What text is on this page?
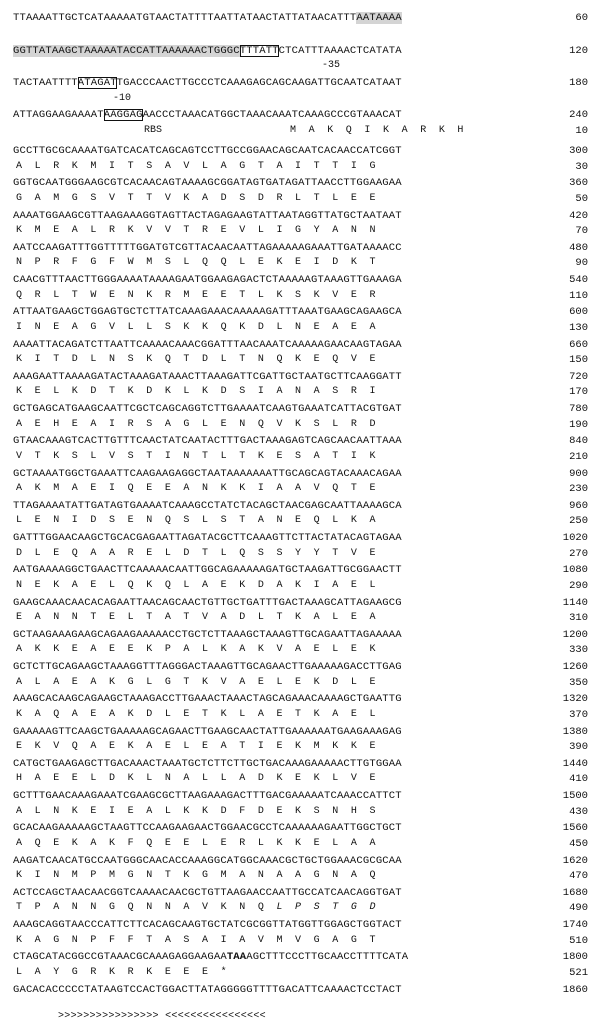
TTAAAATTGCTCATAAAAATGTAACTATTTTAATTATAACTATTATAACATTTAATAAAA	60
GGTTATAAGCTAAAAATACCATTAAAAAACTGGGCTTTATTCTCATTTAAAACTCATATA	120
TACTAATTTTATAGATTGACCCAACTTGCCCTCAAAGAGCAGCAAGATTGCAATCATAAT	180
ATTAGGAAGAAAATAAGGAGAACCCTAAACATGGCTAAACAAATCAAAGCCCGTAAACAT	240
GCCTTGCGCAAAATGATCACATCAGCAGTCCTTGCCGGAACAGCAATCACAACCATCGGT	300
GGTGCAATGGGAAGCGTCACAACAGTAAAAGCGGATAGTGATAGATTAACCTTGGAAGAA	360
AAAATGGAAGCGTTAAGAAAGGTAGTTACTAGAGAAGTATTAATAGGTTATGCTAATAAT	420
AATCCAAGATTTGGTTTTTGGATGTCGTTACAACAATTAGAAAAAGAAATTGATAAAACC	480
CAACGTTTAACTTGGGAAAATAAAAGAATGGAAGAGACTCTAAAAAGTAAAGTTGAAAGA	540
ATTAATGAAGCTGGAGTGCTCTTATCAAAGAAACAAAAAGATTTAAATGAAGCAGAAGCA	600
AAAATTACAGATCTTAATTCAAAACAAACGGATTTAACAAATCAAAAAGAACAAGTAGAA	660
AAAGAATTAAAAGATACTAAAGATAAACTTAAAGATTCGATTGCTAATGCTTCAAGGATT	720
GCTGAGCATGAAGCAATTCGCTCAGCAGGTCTTGAAAATCAAGTGAAATCATTACGTGAT	780
GTAACAAAGTCACTTGTTTCAACTATCAATACTTTGACTAAAGAGTCAGCAACAATTAAA	840
GCTAAAATGGCTGAAATTCAAGAAGAGGCTAATAAAAAAATTGCAGCAGTACAAACAGAA	900
TTAGAAAATATTGATAGTGAAAATCAAAGCCTATCTACAGCTAACGAGCAATTAAAAGCA	960
GATTTGGAACAAGCTGCACGAGAATTAGATACGCTTCAAAGTTCTTACTATACAGTAGAA	1020
AATGAAAAGGCTGAACTTCAAAAACAATTGGCAGAAAAAGATGCTAAGATTGCGGAACTT	1080
GAAGCAAACAACACAGAATTAACAGCAACTGTTGCTGATTTGACTAAAGCATTAGAAGCG	1140
GCTAAGAAAGAAGCAGAAGAAAAACCTGCTCTTAAAGCTAAAGTTGCAGAATTAGAAAAA	1200
GCTCTTGCAGAAGCTAAAGGTTTAGGGACTAAAGTTGCAGAACTTGAAAAAGACCTTGAG	1260
AAAGCACAAGCAGAAGCTAAAGACCTTGAAACTAAACTAGCAGAAACAAAAGCTGAATTG	1320
GAAAAAGTTCAAGCTGAAAAAGCAGAACTTGAAGCAACTATTGAAAAAATGAAGAAAGAG	1380
CATGCTGAAGAGCTTGACAAACTAAATGCTCTTCTTGCTGACAAAGAAAAACTTGTGGAA	1440
GCTTTGAACAAAGAAATCGAAGCGCTTAAGAAAGACTTTGACGAAAAATCAAACCATTCT	1500
GCACAAGAAAAAGCTAAGTTCCAAGAAGAACTGGAACGCCTCAAAAAAGAATTGGCTGCT	1560
AAGATCAACATGCCAATGGGCAACACCAAAGGCATGGCAAACGCTGCTGGAAACGCGCAA	1620
ACTCCAGCTAACAACGGTCAAAACAACGCTGTTAAGAACCAATTGCCATCAACAGGTGAT	1680
AAAGCAGGTAACCCATTCTTCACAGCAAGTGCTATCGCGGTTATGGTTGGAGCTGGTACT	1740
CTAGCATACGGCCGTAAACGCAAAGAGGAAGAATAAAGCTTTCCCTTGCAACCTTTTCATA	1800
GACACACCCCCTATAAGTCCACTGGACTTATAGGGGGTTTTGACATTCAAAACTCCTACT	1860
M  A  K  Q  I  K  A  R  K  H	10
A  L  R  K  M  I  T  S  A  V  L  A  G  T  A  I  T  T  I  G	30
G  A  M  G  S  V  T  T  V  K  A  D  S  D  R  L  T  L  E  E	50
K  M  E  A  L  R  K  V  V  T  R  E  V  L  I  G  Y  A  N  N	70
N  P  R  F  G  F  W  M  S  L  Q  Q  L  E  K  E  I  D  K  T	90
Q  R  L  T  W  E  N  K  R  M  E  E  T  L  K  S  K  V  E  R	110
I  N  E  A  G  V  L  L  S  K  K  Q  K  D  L  N  E  A  E  A	130
K  I  T  D  L  N  S  K  Q  T  D  L  T  N  Q  K  E  Q  V  E	150
K  E  L  K  D  T  K  D  K  L  K  D  S  I  A  N  A  S  R  I	170
A  E  H  E  A  I  R  S  A  G  L  E  N  Q  V  K  S  L  R  D	190
V  T  K  S  L  V  S  T  I  N  T  L  T  K  E  S  A  T  I  K	210
A  K  M  A  E  I  Q  E  E  A  N  K  K  I  A  A  V  Q  T  E	230
L  E  N  I  D  S  E  N  Q  S  L  S  T  A  N  E  Q  L  K  A	250
D  L  E  Q  A  A  R  E  L  D  T  L  Q  S  S  Y  Y  T  V  E	270
N  E  K  A  E  L  Q  K  Q  L  A  E  K  D  A  K  I  A  E  L	290
E  A  N  N  T  E  L  T  A  T  V  A  D  L  T  K  A  L  E  A	310
A  K  K  E  A  E  E  K  P  A  L  K  A  K  V  A  E  L  E  K	330
A  L  A  E  A  K  G  L  G  T  K  V  A  E  L  E  K  D  L  E	350
K  A  Q  A  E  A  K  D  L  E  T  K  L  A  E  T  K  A  E  L	370
E  K  V  Q  A  E  K  A  E  L  E  A  T  I  E  K  M  K  K  E	390
H  A  E  E  L  D  K  L  N  A  L  L  A  D  K  E  K  L  V  E	410
A  L  N  K  E  I  E  A  L  K  K  D  F  D  E  K  S  N  H  S	430
A  Q  E  K  A  K  F  Q  E  E  L  E  R  L  K  K  E  L  A  A	450
K  I  N  M  P  M  G  N  T  K  G  M  A  N  A  A  G  N  A  Q	470
T  P  A  N  N  G  Q  N  N  A  V  K  N  Q  L  P  S  T  G  D	490
K  A  G  N  P  F  F  T  A  S  A  I  A  V  M  V  G  A  G  T	510
L  A  Y  G  R  K  R  K  E  E  E  *	521
-35
-10
RBS
>>>>>>>>>>>>>>>> <<<<<<<<<<<<<<<<
